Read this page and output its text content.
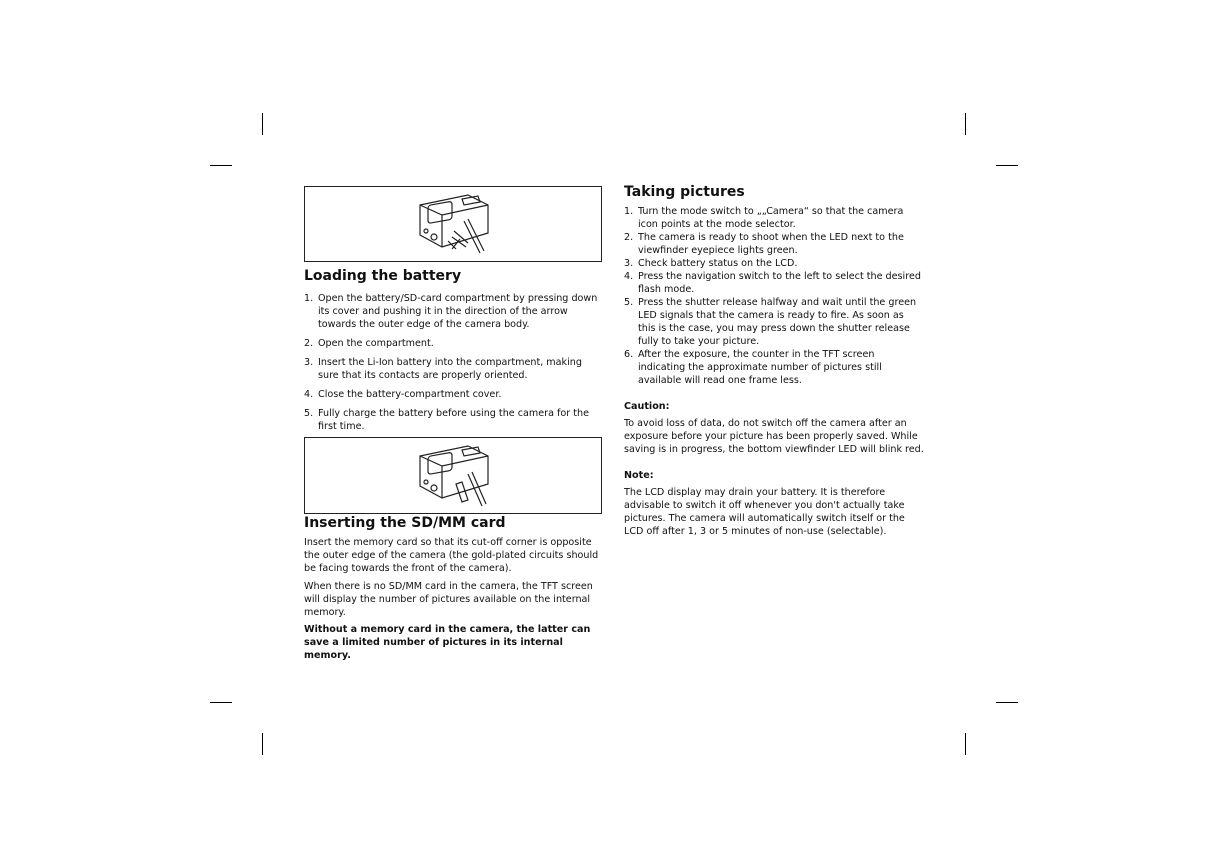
Loading the battery
1. Open the battery/SD-card compartment by pressing down its cover and pushing it in the direction of the arrow towards the outer edge of the camera body.
2. Open the compartment.
3. Insert the Li-Ion battery into the compartment, making sure that its contacts are properly oriented.
4. Close the battery-compartment cover.
5. Fully charge the battery before using the camera for the first time.
Inserting the SD/MM card

Insert the memory card so that its cut-off corner is opposite the outer edge of the camera (the gold-plated circuits should be facing towards the front of the camera).

When there is no SD/MM card in the camera, the TFT screen will display the number of pictures available on the internal memory.

Without a memory card in the camera, the latter can save a limited number of pictures in its internal memory.

Taking pictures
1. Turn the mode switch to „„Camera“ so that the camera icon points at the mode selector.
2. The camera is ready to shoot when the LED next to the viewfinder eyepiece lights green.
3. Check battery status on the LCD.
4. Press the navigation switch to the left to select the desired flash mode.
5. Press the shutter release halfway and wait until the green LED signals that the camera is ready to fire. As soon as this is the case, you may press down the shutter release fully to take your picture.
6. After the exposure, the counter in the TFT screen indicating the approximate number of pictures still available will read one frame less.
Caution:

To avoid loss of data, do not switch off the camera after an exposure before your picture has been properly saved. While saving is in progress, the bottom viewfinder LED will blink red.

Note:

The LCD display may drain your battery. It is therefore advisable to switch it off whenever you don't actually take pictures. The camera will automatically switch itself or the LCD off after 1, 3 or 5 minutes of non-use (selectable).
